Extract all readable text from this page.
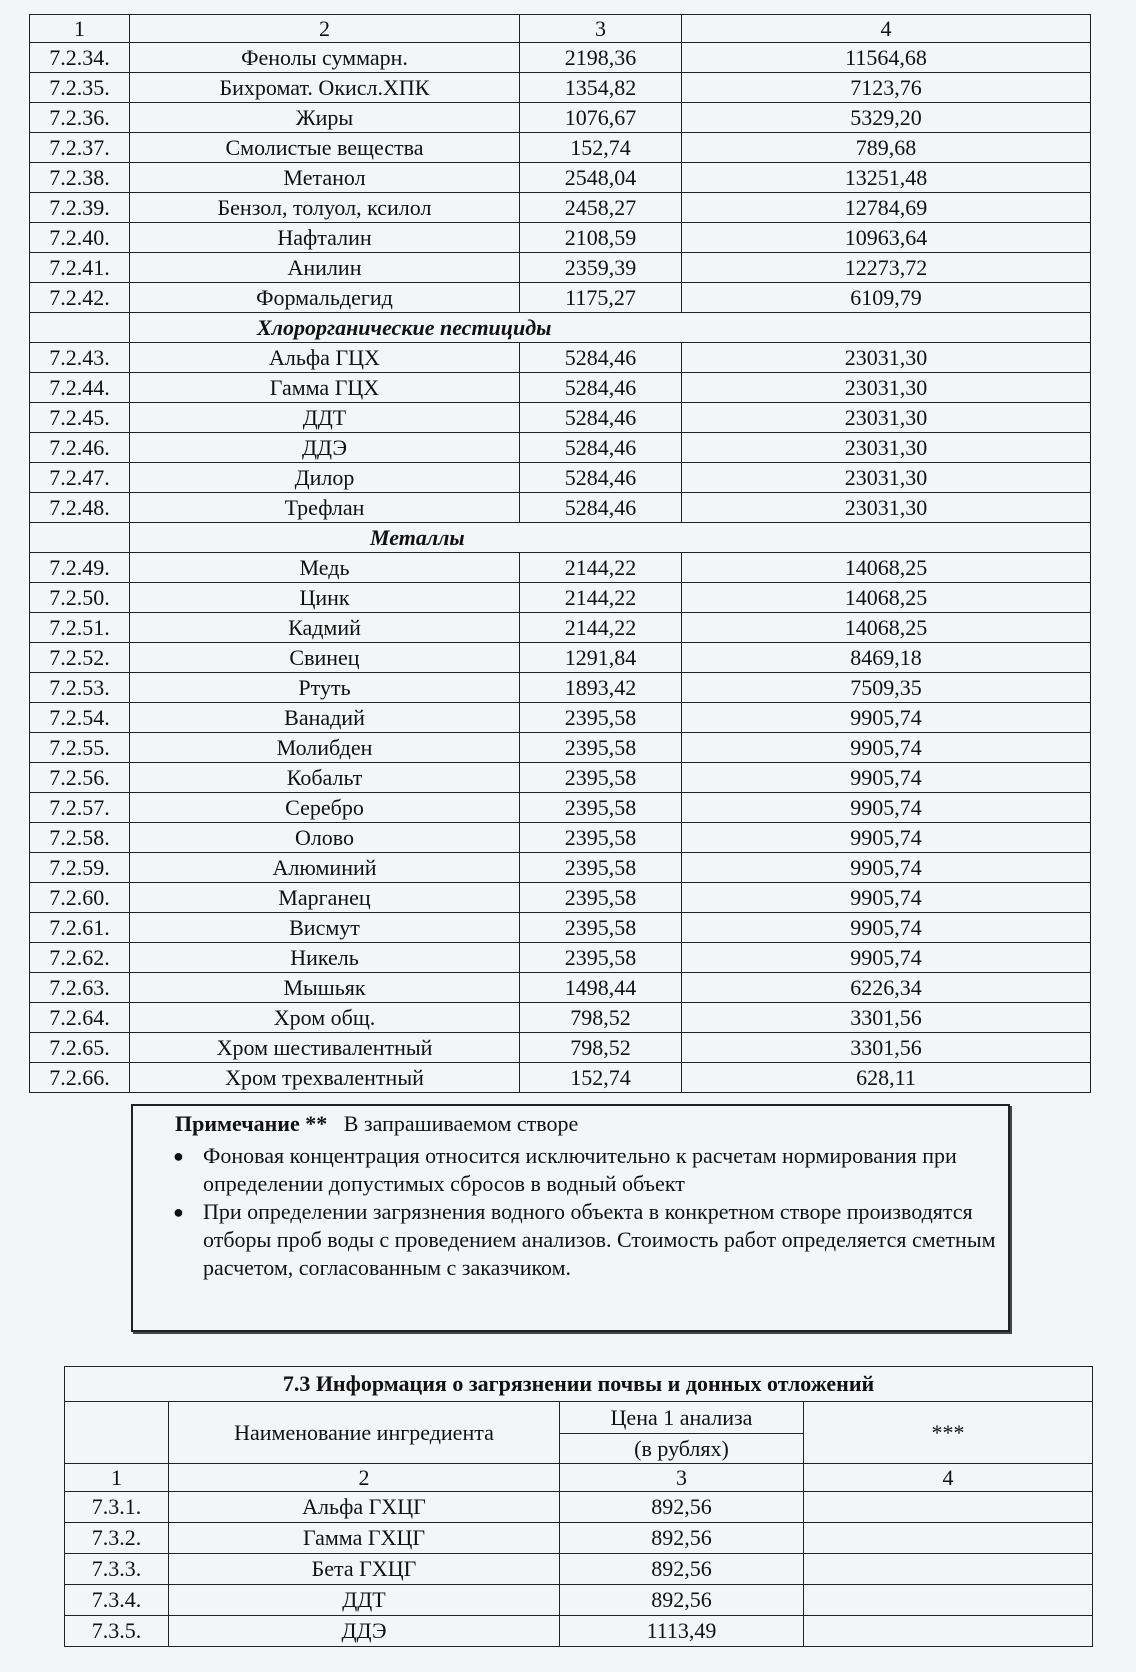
1	2	3	4
7.2.34.	Фенолы суммарн.	2198,36	11564,68
7.2.35.	Бихромат. Окисл.ХПК	1354,82	7123,76
7.2.36.	Жиры	1076,67	5329,20
7.2.37.	Смолистые вещества	152,74	789,68
7.2.38.	Метанол	2548,04	13251,48
7.2.39.	Бензол, толуол, ксилол	2458,27	12784,69
7.2.40.	Нафталин	2108,59	10963,64
7.2.41.	Анилин	2359,39	12273,72
7.2.42.	Формальдегид	1175,27	6109,79
	Хлорорганические пестициды		
7.2.43.	Альфа ГЦХ	5284,46	23031,30
7.2.44.	Гамма ГЦХ	5284,46	23031,30
7.2.45.	ДДТ	5284,46	23031,30
7.2.46.	ДДЭ	5284,46	23031,30
7.2.47.	Дилор	5284,46	23031,30
7.2.48.	Трефлан	5284,46	23031,30
	Металлы		
7.2.49.	Медь	2144,22	14068,25
7.2.50.	Цинк	2144,22	14068,25
7.2.51.	Кадмий	2144,22	14068,25
7.2.52.	Свинец	1291,84	8469,18
7.2.53.	Ртуть	1893,42	7509,35
7.2.54.	Ванадий	2395,58	9905,74
7.2.55.	Молибден	2395,58	9905,74
7.2.56.	Кобальт	2395,58	9905,74
7.2.57.	Серебро	2395,58	9905,74
7.2.58.	Олово	2395,58	9905,74
7.2.59.	Алюминий	2395,58	9905,74
7.2.60.	Марганец	2395,58	9905,74
7.2.61.	Висмут	2395,58	9905,74
7.2.62.	Никель	2395,58	9905,74
7.2.63.	Мышьяк	1498,44	6226,34
7.2.64.	Хром общ.	798,52	3301,56
7.2.65.	Хром шестивалентный	798,52	3301,56
7.2.66.	Хром трехвалентный	152,74	628,11
Примечание ** В запрашиваемом створе
● Фоновая концентрация относится исключительно к расчетам нормирования при определении допустимых сбросов в водный объект
● При определении загрязнения водного объекта в конкретном створе производятся отборы проб воды с проведением анализов. Стоимость работ определяется сметным расчетом, согласованным с заказчиком.
7.3 Информация о загрязнении почвы и донных отложений			
	Наименование ингредиента	Цена 1 анализа	***
		(в рублях)	
1	2	3	4
7.3.1.	Альфа ГХЦГ	892,56	
7.3.2.	Гамма ГХЦГ	892,56	
7.3.3.	Бета ГХЦГ	892,56	
7.3.4.	ДДТ	892,56	
7.3.5.	ДДЭ	1113,49	
